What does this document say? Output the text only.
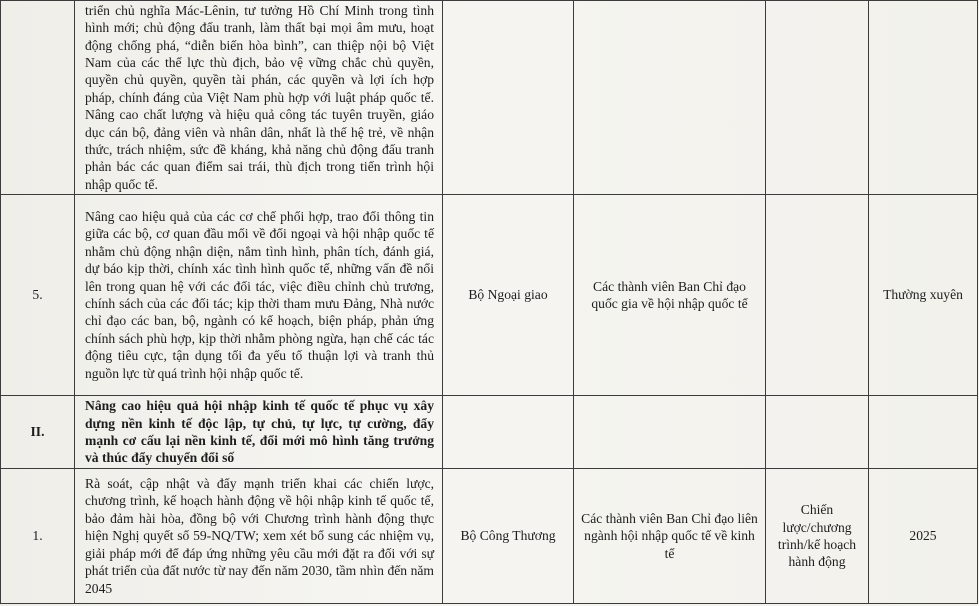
	triển chủ nghĩa Mác-Lênin, tư tưởng Hồ Chí Minh trong tình hình mới; chủ động đấu tranh, làm thất bại mọi âm mưu, hoạt động chống phá, “diễn biến hòa bình”, can thiệp nội bộ Việt Nam của các thế lực thù địch, bảo vệ vững chắc chủ quyền, quyền chủ quyền, quyền tài phán, các quyền và lợi ích hợp pháp, chính đáng của Việt Nam phù hợp với luật pháp quốc tế. Nâng cao chất lượng và hiệu quả công tác tuyên truyền, giáo dục cán bộ, đảng viên và nhân dân, nhất là thế hệ trẻ, về nhận thức, trách nhiệm, sức đề kháng, khả năng chủ động đấu tranh phản bác các quan điểm sai trái, thù địch trong tiến trình hội nhập quốc tế.				
5.	Nâng cao hiệu quả của các cơ chế phối hợp, trao đổi thông tin giữa các bộ, cơ quan đầu mối về đối ngoại và hội nhập quốc tế nhằm chủ động nhận diện, nắm tình hình, phân tích, đánh giá, dự báo kịp thời, chính xác tình hình quốc tế, những vấn đề nổi lên trong quan hệ với các đối tác, việc điều chỉnh chủ trương, chính sách của các đối tác; kịp thời tham mưu Đảng, Nhà nước chỉ đạo các ban, bộ, ngành có kế hoạch, biện pháp, phản ứng chính sách phù hợp, kịp thời nhằm phòng ngừa, hạn chế các tác động tiêu cực, tận dụng tối đa yếu tố thuận lợi và tranh thủ nguồn lực từ quá trình hội nhập quốc tế.	Bộ Ngoại giao	Các thành viên Ban Chỉ đạo quốc gia về hội nhập quốc tế		Thường xuyên
II.	Nâng cao hiệu quả hội nhập kinh tế quốc tế phục vụ xây dựng nền kinh tế độc lập, tự chủ, tự lực, tự cường, đẩy mạnh cơ cấu lại nền kinh tế, đổi mới mô hình tăng trưởng và thúc đẩy chuyển đổi số				
1.	Rà soát, cập nhật và đẩy mạnh triển khai các chiến lược, chương trình, kế hoạch hành động về hội nhập kinh tế quốc tế, bảo đảm hài hòa, đồng bộ với Chương trình hành động thực hiện Nghị quyết số 59-NQ/TW; xem xét bổ sung các nhiệm vụ, giải pháp mới để đáp ứng những yêu cầu mới đặt ra đối với sự phát triển của đất nước từ nay đến năm 2030, tầm nhìn đến năm 2045	Bộ Công Thương	Các thành viên Ban Chỉ đạo liên ngành hội nhập quốc tế về kinh tế	Chiến lược/chương trình/kế hoạch hành động	2025
